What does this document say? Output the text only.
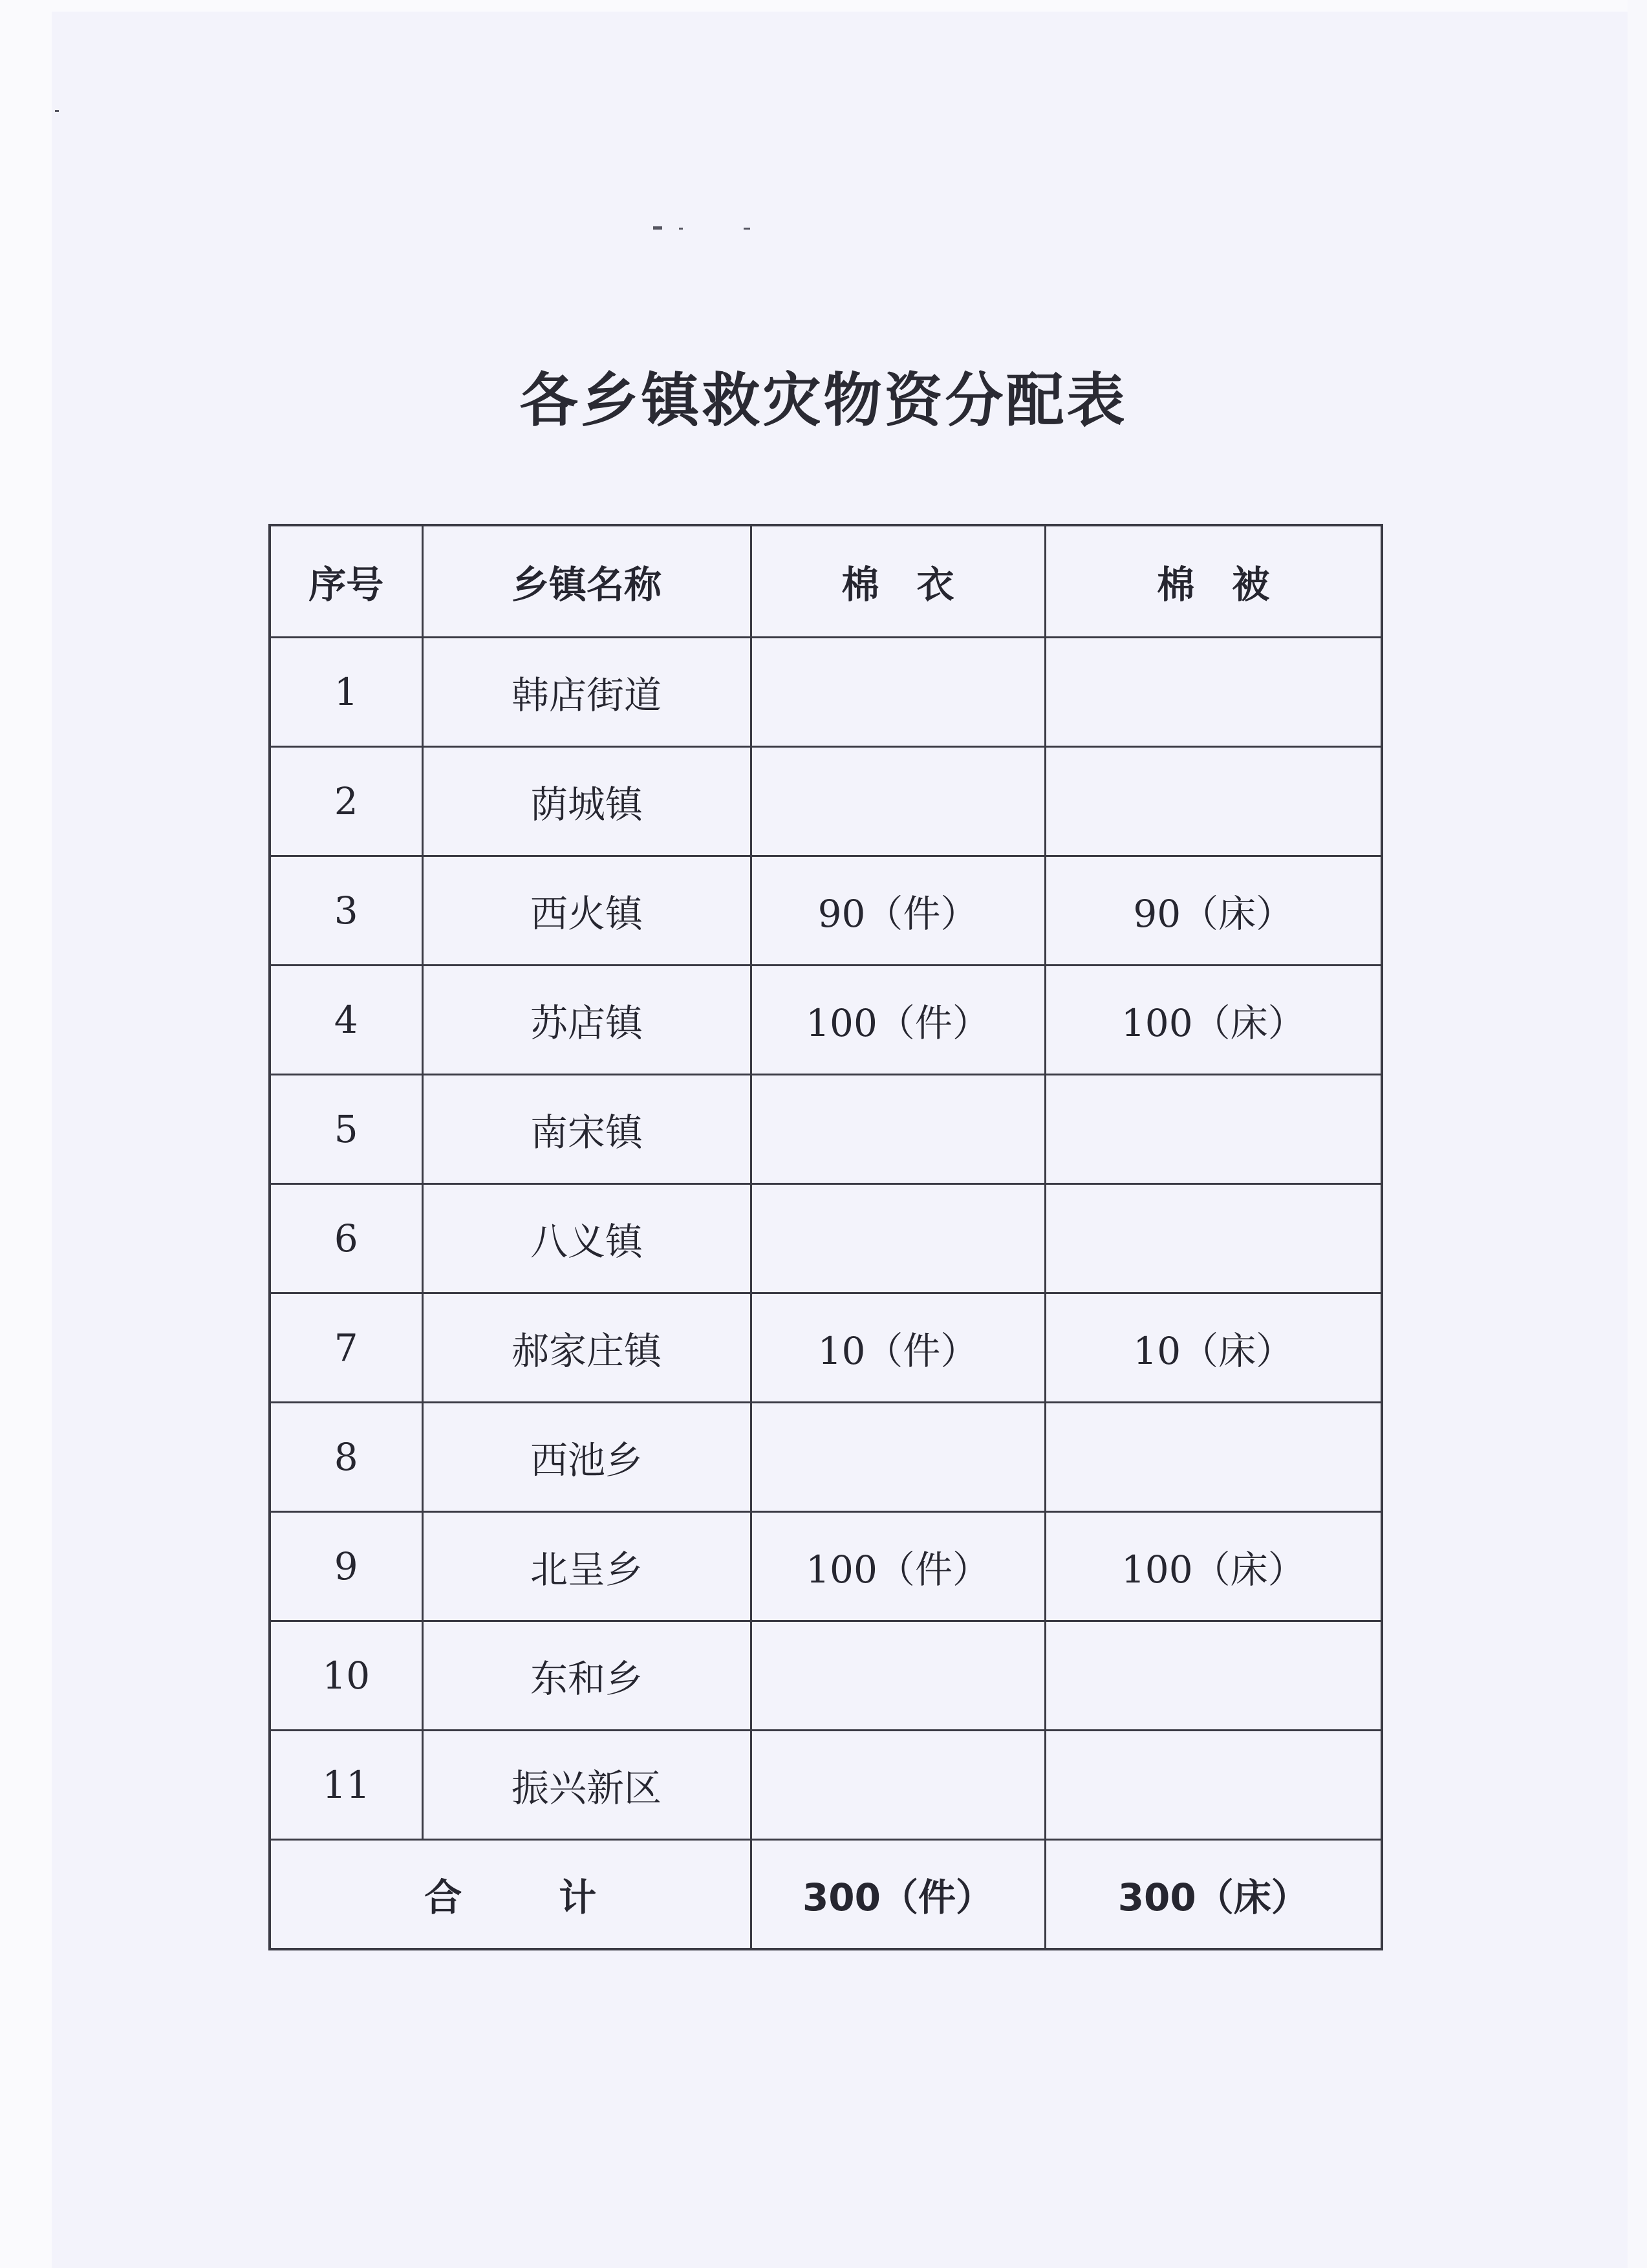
各乡镇救灾物资分配表
序号	乡镇名称	棉　衣	棉　被
1	韩店街道		
2	荫城镇		
3	西火镇	90（件）	90（床）
4	苏店镇	100（件）	100（床）
5	南宋镇		
6	八义镇		
7	郝家庄镇	10（件）	10（床）
8	西池乡		
9	北呈乡	100（件）	100（床）
10	东和乡		
11	振兴新区		
合计		300（件）	300（床）
